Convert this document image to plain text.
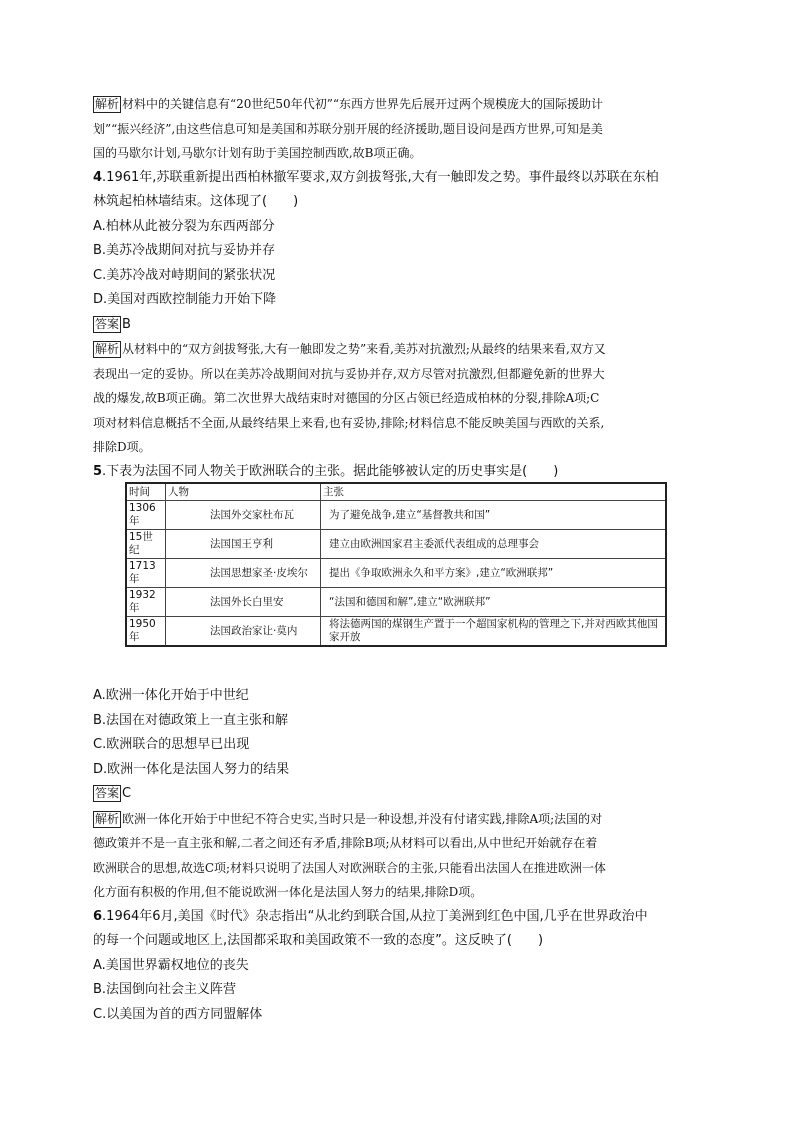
解析 材料中的关键信息有“20世纪50年代初”“东西方世界先后展开过两个规模庞大的国际援助计
划”“振兴经济”,由这些信息可知是美国和苏联分别开展的经济援助,题目设问是西方世界,可知是美
国的马歇尔计划,马歇尔计划有助于美国控制西欧,故B项正确。
4.1961年,苏联重新提出西柏林撤军要求,双方剑拔弩张,大有一触即发之势。事件最终以苏联在东柏
林筑起柏林墙结束。这体现了(　　)
A.柏林从此被分裂为东西两部分
B.美苏冷战期间对抗与妥协并存
C.美苏冷战对峙期间的紧张状况
D.美国对西欧控制能力开始下降
答案 B
解析 从材料中的“双方剑拔弩张,大有一触即发之势”来看,美苏对抗激烈;从最终的结果来看,双方又
表现出一定的妥协。所以在美苏冷战期间对抗与妥协并存,双方尽管对抗激烈,但都避免新的世界大
战的爆发,故B项正确。第二次世界大战结束时对德国的分区占领已经造成柏林的分裂,排除A项;C
项对材料信息概括不全面,从最终结果上来看,也有妥协,排除;材料信息不能反映美国与西欧的关系,
排除D项。
5.下表为法国不同人物关于欧洲联合的主张。据此能够被认定的历史事实是(　　)
时间	人物	主张
1306年	法国外交家杜布瓦	为了避免战争,建立“基督教共和国”
15世纪	法国国王亨利	建立由欧洲国家君主委派代表组成的总理事会
1713年	法国思想家圣·皮埃尔	提出《争取欧洲永久和平方案》,建立“欧洲联邦”
1932年	法国外长白里安	“法国和德国和解”,建立“欧洲联邦”
1950年	法国政治家让·莫内	将法德两国的煤钢生产置于一个超国家机构的管理之下,并对西欧其他国家开放
A.欧洲一体化开始于中世纪
B.法国在对德政策上一直主张和解
C.欧洲联合的思想早已出现
D.欧洲一体化是法国人努力的结果
答案 C
解析 欧洲一体化开始于中世纪不符合史实,当时只是一种设想,并没有付诸实践,排除A项;法国的对
德政策并不是一直主张和解,二者之间还有矛盾,排除B项;从材料可以看出,从中世纪开始就存在着
欧洲联合的思想,故选C项;材料只说明了法国人对欧洲联合的主张,只能看出法国人在推进欧洲一体
化方面有积极的作用,但不能说欧洲一体化是法国人努力的结果,排除D项。
6.1964年6月,美国《时代》杂志指出“从北约到联合国,从拉丁美洲到红色中国,几乎在世界政治中
的每一个问题或地区上,法国都采取和美国政策不一致的态度”。这反映了(　　)
A.美国世界霸权地位的丧失
B.法国倒向社会主义阵营
C.以美国为首的西方同盟解体
